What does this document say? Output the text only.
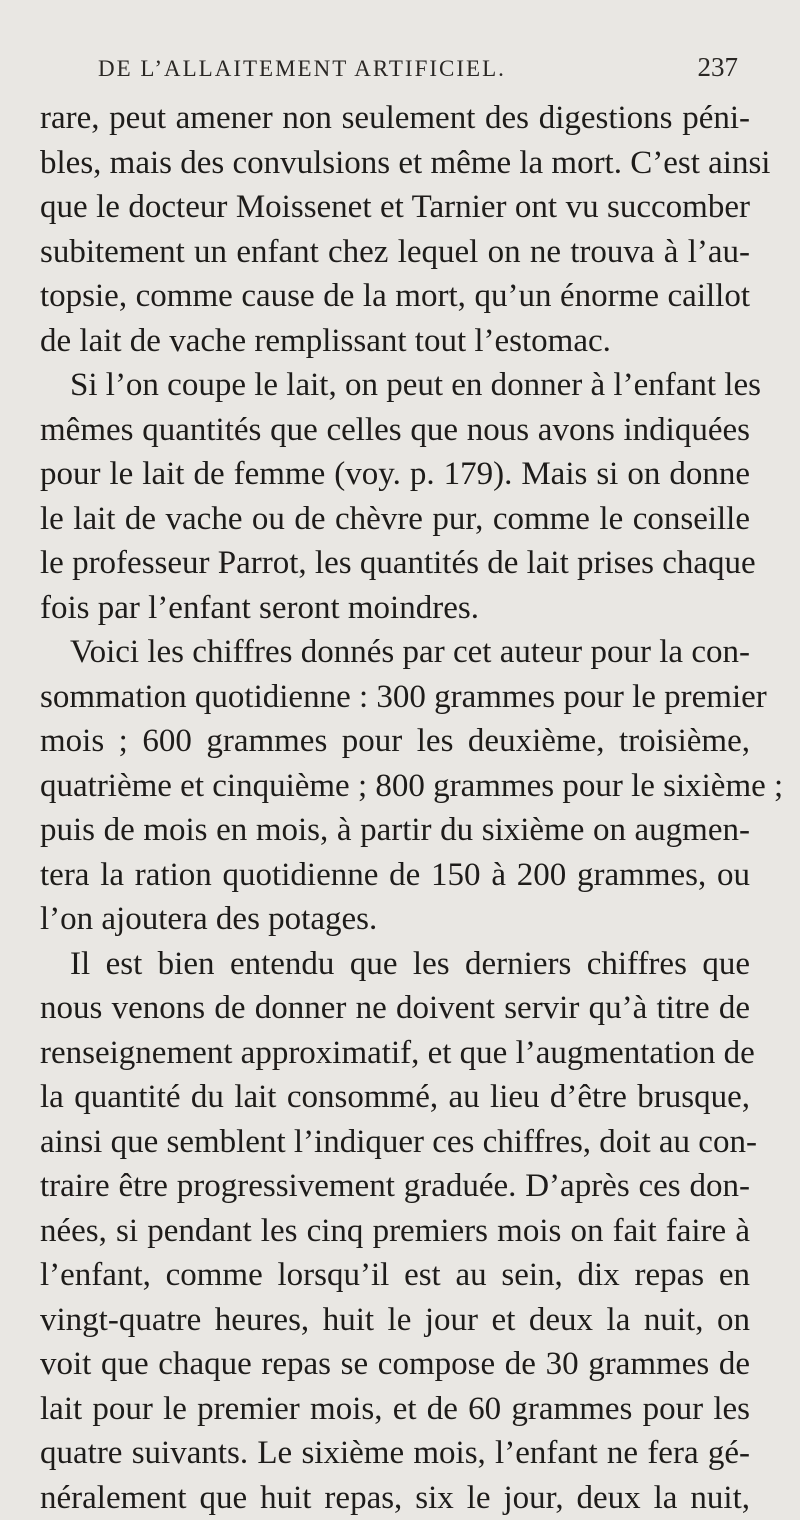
DE L’ALLAITEMENT ARTIFICIEL.	237
rare, peut amener non seulement des digestions péni-
bles, mais des convulsions et même la mort. C’est ainsi
que le docteur Moissenet et Tarnier ont vu succomber
subitement un enfant chez lequel on ne trouva à l’au-
topsie, comme cause de la mort, qu’un énorme caillot
de lait de vache remplissant tout l’estomac.
Si l’on coupe le lait, on peut en donner à l’enfant les
mêmes quantités que celles que nous avons indiquées
pour le lait de femme (voy. p. 179). Mais si on donne
le lait de vache ou de chèvre pur, comme le conseille
le professeur Parrot, les quantités de lait prises chaque
fois par l’enfant seront moindres.
Voici les chiffres donnés par cet auteur pour la con-
sommation quotidienne : 300 grammes pour le premier
mois ; 600 grammes pour les deuxième, troisième,
quatrième et cinquième ; 800 grammes pour le sixième ;
puis de mois en mois, à partir du sixième on augmen-
tera la ration quotidienne de 150 à 200 grammes, ou
l’on ajoutera des potages.
Il est bien entendu que les derniers chiffres que
nous venons de donner ne doivent servir qu’à titre de
renseignement approximatif, et que l’augmentation de
la quantité du lait consommé, au lieu d’être brusque,
ainsi que semblent l’indiquer ces chiffres, doit au con-
traire être progressivement graduée. D’après ces don-
nées, si pendant les cinq premiers mois on fait faire à
l’enfant, comme lorsqu’il est au sein, dix repas en
vingt-quatre heures, huit le jour et deux la nuit, on
voit que chaque repas se compose de 30 grammes de
lait pour le premier mois, et de 60 grammes pour les
quatre suivants. Le sixième mois, l’enfant ne fera gé-
néralement que huit repas, six le jour, deux la nuit,
